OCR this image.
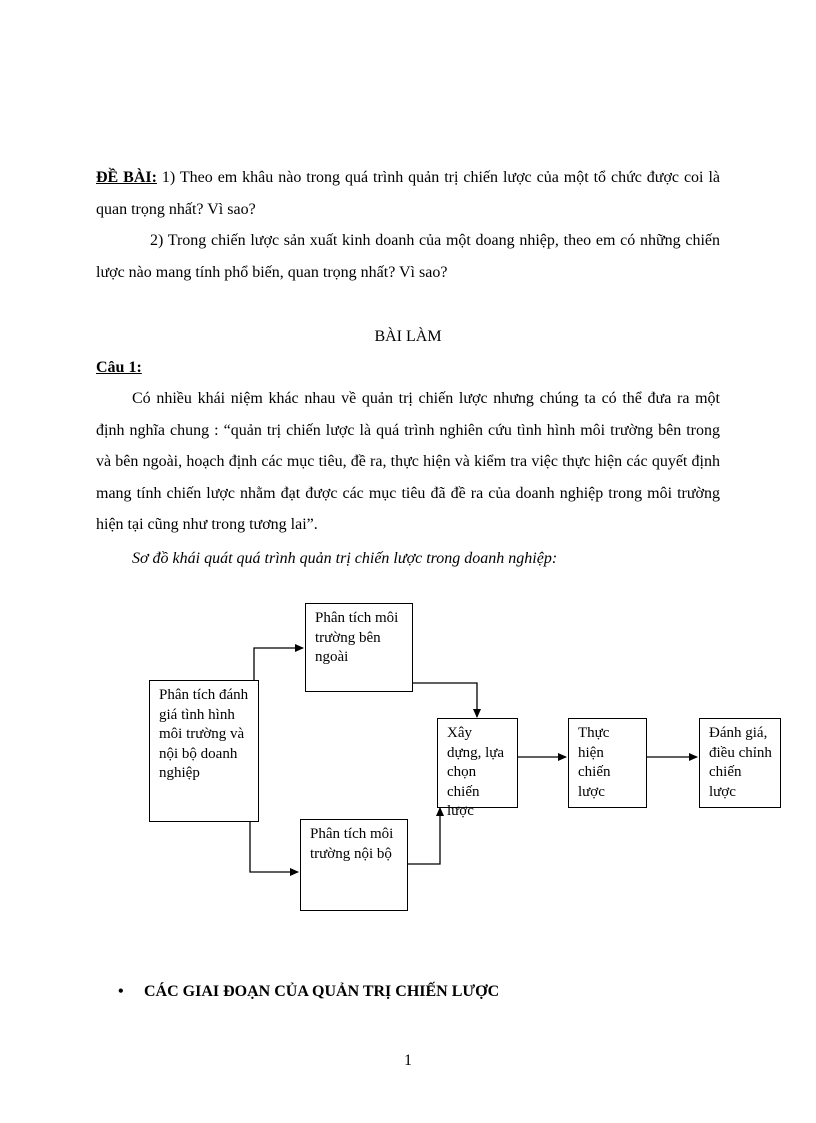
ĐỀ BÀI: 1) Theo em khâu nào trong quá trình quản trị chiến lược của một tổ chức được coi là quan trọng nhất? Vì sao?

2) Trong chiến lược sản xuất kinh doanh của một doang nhiệp, theo em có những chiến lược nào mang tính phổ biến, quan trọng nhất? Vì sao?

BÀI LÀM

Câu 1:

Có nhiều khái niệm khác nhau về quản trị chiến lược nhưng chúng ta có thể đưa ra một định nghĩa chung : “quản trị chiến lược là quá trình nghiên cứu tình hình môi trường bên trong và bên ngoài, hoạch định các mục tiêu, đề ra, thực hiện và kiểm tra việc thực hiện các quyết định mang tính chiến lược nhằm đạt được các mục tiêu đã đề ra của doanh nghiệp trong môi trường hiện tại cũng như trong tương lai”.

Sơ đồ khái quát quá trình quản trị chiến lược trong doanh nghiệp:

Phân tích đánh giá tình hình môi trường và nội bộ doanh nghiệp
Phân tích môi trường bên ngoài
Phân tích môi trường nội bộ
Xây dựng, lựa chọn chiến lược
Thực hiện chiến lược
Đánh giá, điều chỉnh chiến lược
• CÁC GIAI ĐOẠN CỦA QUẢN TRỊ CHIẾN LƯỢC
1
